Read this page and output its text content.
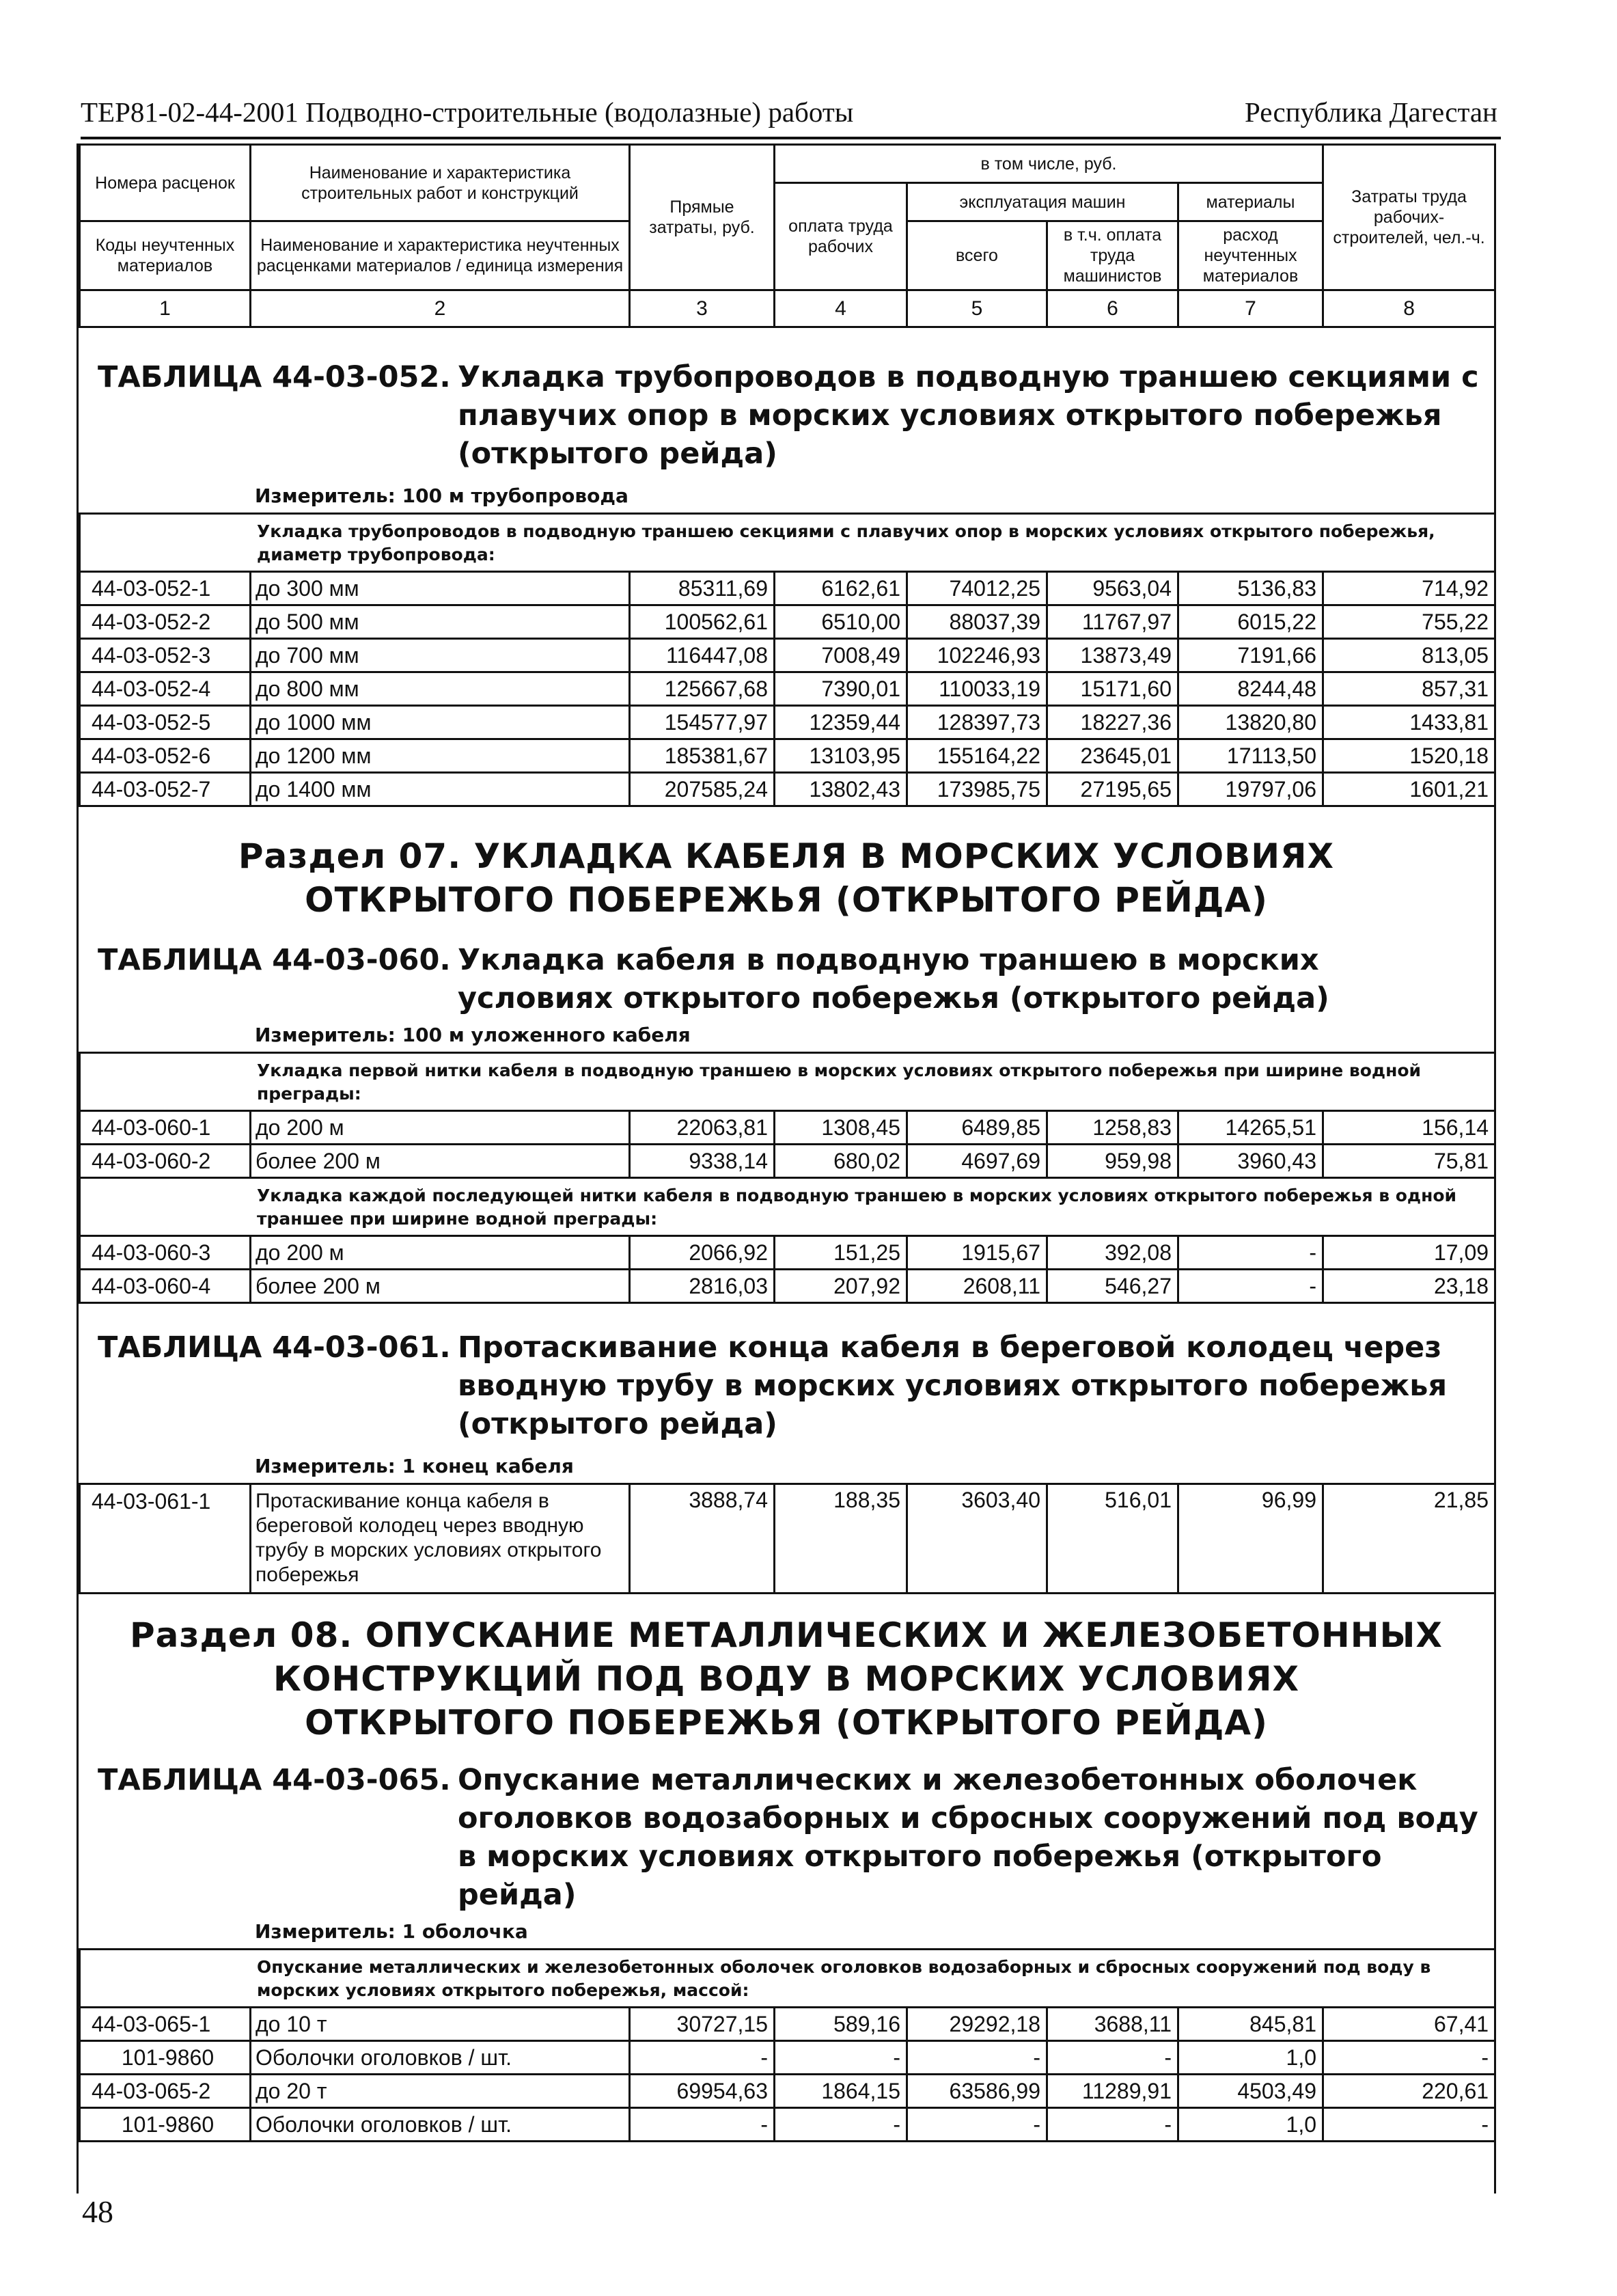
ТЕР81-02-44-2001 Подводно-строительные (водолазные) работы	Республика Дагестан
Номера расценок	Наименование и характеристика строительных работ и конструкций	Прямые затраты, руб.	в том числе, руб.				Затраты труда рабочих-строителей, чел.-ч.
			оплата труда рабочих	эксплуатация машин		материалы	
Коды неучтенных материалов	Наименование и характеристика неучтенных расценками материалов / единица измерения			всего	в т.ч. оплата труда машинистов	расход неучтенных материалов	

1	2	3	4	5	6	7	8
ТАБЛИЦА 44-03-052. Укладка трубопроводов в подводную траншею секциями с плавучих опор в морских условиях открытого побережья (открытого рейда)
Измеритель: 100 м трубопровода
Укладка трубопроводов в подводную траншею секциями с плавучих опор в морских условиях открытого побережья, диаметр трубопровода:							
44-03-052-1	до 300 мм	85311,69	6162,61	74012,25	9563,04	5136,83	714,92
44-03-052-2	до 500 мм	100562,61	6510,00	88037,39	11767,97	6015,22	755,22
44-03-052-3	до 700 мм	116447,08	7008,49	102246,93	13873,49	7191,66	813,05
44-03-052-4	до 800 мм	125667,68	7390,01	110033,19	15171,60	8244,48	857,31
44-03-052-5	до 1000 мм	154577,97	12359,44	128397,73	18227,36	13820,80	1433,81
44-03-052-6	до 1200 мм	185381,67	13103,95	155164,22	23645,01	17113,50	1520,18
44-03-052-7	до 1400 мм	207585,24	13802,43	173985,75	27195,65	19797,06	1601,21
Раздел 07. УКЛАДКА КАБЕЛЯ В МОРСКИХ УСЛОВИЯХ
ОТКРЫТОГО ПОБЕРЕЖЬЯ (ОТКРЫТОГО РЕЙДА)
ТАБЛИЦА 44-03-060. Укладка кабеля в подводную траншею в морских условиях открытого побережья (открытого рейда)
Измеритель: 100 м уложенного кабеля
Укладка первой нитки кабеля в подводную траншею в морских условиях открытого побережья при ширине водной преграды:							
44-03-060-1	до 200 м	22063,81	1308,45	6489,85	1258,83	14265,51	156,14
44-03-060-2	более 200 м	9338,14	680,02	4697,69	959,98	3960,43	75,81
Укладка каждой последующей нитки кабеля в подводную траншею в морских условиях открытого побережья в одной траншее при ширине водной преграды:							
44-03-060-3	до 200 м	2066,92	151,25	1915,67	392,08	-	17,09
44-03-060-4	более 200 м	2816,03	207,92	2608,11	546,27	-	23,18
ТАБЛИЦА 44-03-061. Протаскивание конца кабеля в береговой колодец через вводную трубу в морских условиях открытого побережья (открытого рейда)
Измеритель: 1 конец кабеля
44-03-061-1	Протаскивание конца кабеля в береговой колодец через вводную трубу в морских условиях открытого побережья	3888,74	188,35	3603,40	516,01	96,99	21,85
Раздел 08. ОПУСКАНИЕ МЕТАЛЛИЧЕСКИХ И ЖЕЛЕЗОБЕТОННЫХ
КОНСТРУКЦИЙ ПОД ВОДУ В МОРСКИХ УСЛОВИЯХ
ОТКРЫТОГО ПОБЕРЕЖЬЯ (ОТКРЫТОГО РЕЙДА)
ТАБЛИЦА 44-03-065. Опускание металлических и железобетонных оболочек оголовков водозаборных и сбросных сооружений под воду в морских условиях открытого побережья (открытого рейда)
Измеритель: 1 оболочка
Опускание металлических и железобетонных оболочек оголовков водозаборных и сбросных сооружений под воду в морских условиях открытого побережья, массой:							
44-03-065-1	до 10 т	30727,15	589,16	29292,18	3688,11	845,81	67,41
101-9860	Оболочки оголовков / шт.	-	-	-	-	1,0	-
44-03-065-2	до 20 т	69954,63	1864,15	63586,99	11289,91	4503,49	220,61
101-9860	Оболочки оголовков / шт.	-	-	-	-	1,0	-
48
